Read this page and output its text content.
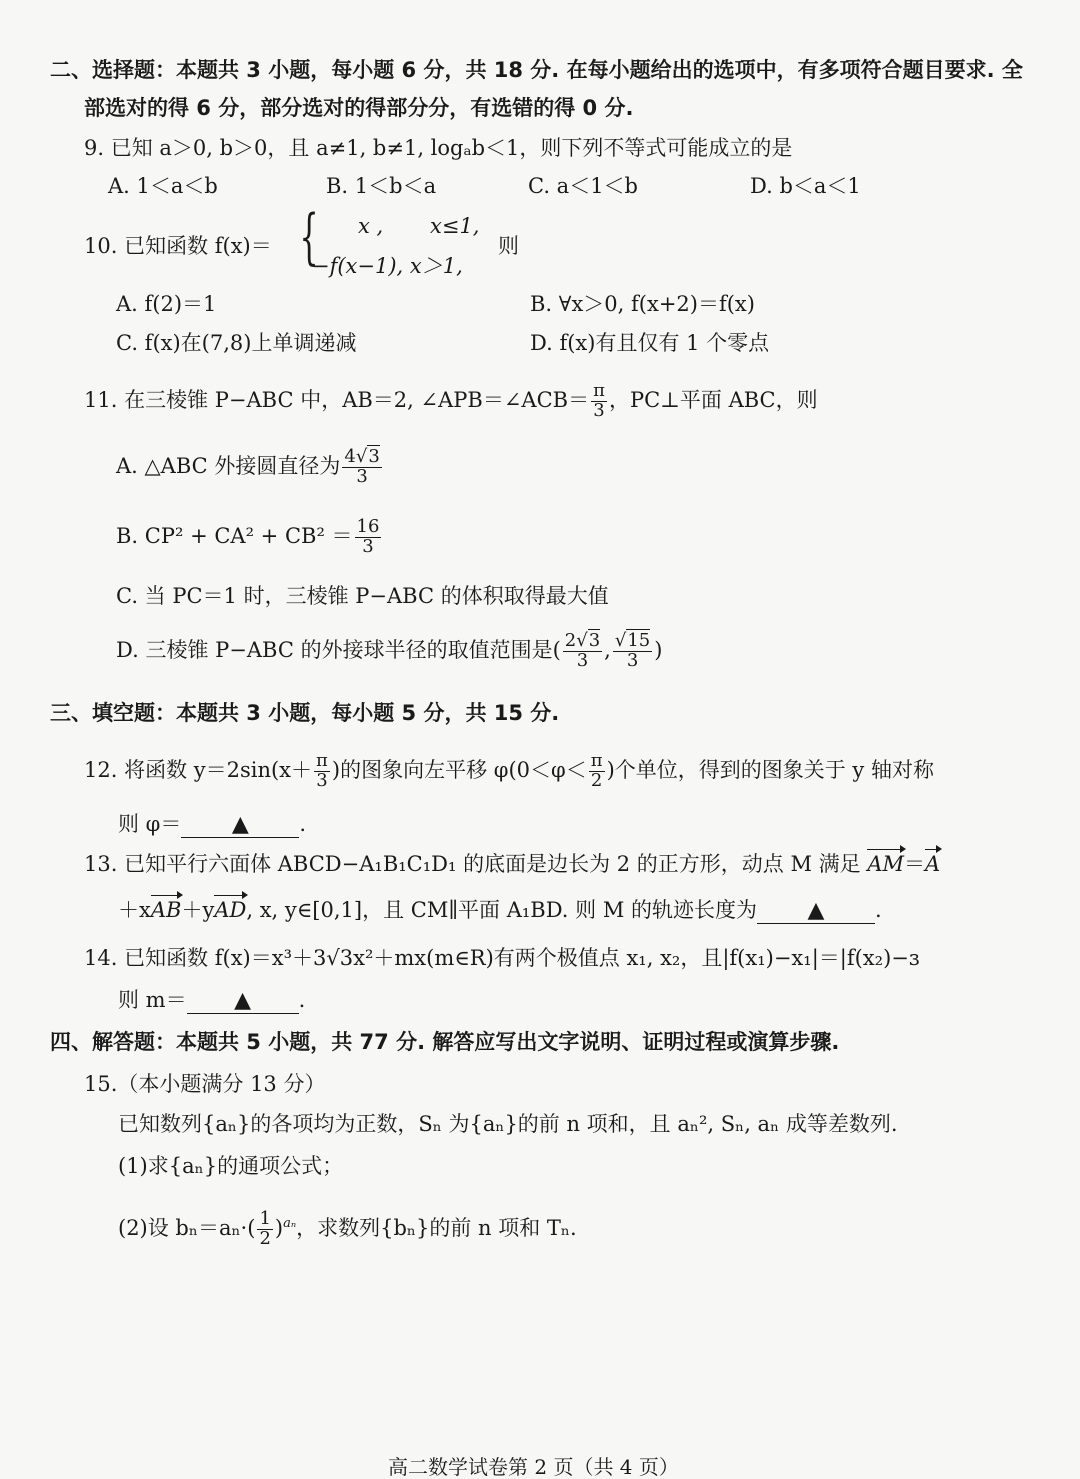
二、选择题：本题共 3 小题，每小题 6 分，共 18 分. 在每小题给出的选项中，有多项符合题目要求. 全
部选对的得 6 分，部分选对的得部分分，有选错的得 0 分.
9. 已知 a＞0, b＞0，且 a≠1, b≠1, logₐb＜1，则下列不等式可能成立的是
A. 1＜a＜b	B. 1＜b＜a	C. a＜1＜b	D. b＜a＜1
10. 已知函数 f(x)＝ { x , x≤1,
−f(x−1), x＞1,
则
A. f(2)＝1	B. ∀x＞0, f(x+2)＝f(x)
C. f(x)在(7,8)上单调递减	D. f(x)有且仅有 1 个零点
11. 在三棱锥 P−ABC 中，AB＝2, ∠APB＝∠ACB＝ $\frac{\pi}{3}$ ，PC⊥平面 ABC，则
A. △ABC 外接圆直径为 $\frac{4√3}{3}$
B. $CP^2 + CA^2 + CB^2 = \frac{16}{3}$
C. 当 PC＝1 时，三棱锥 P−ABC 的体积取得最大值
D. 三棱锥 P−ABC 的外接球半径的取值范围是( $\frac{2√3}{3}$ , $\frac{√15}{3}$ )
三、填空题：本题共 3 小题，每小题 5 分，共 15 分.
12. 将函数 $y=2\sin(x+ \frac{\pi}{3}$ )的图象向左平移 $\varphi(0<\varphi< \frac{\pi}{2}$ )个单位，得到的图象关于 y 轴对称
则 φ＝ ▲ .
13. 已知平行六面体 ABCD−A₁B₁C₁D₁ 的底面是边长为 2 的正方形，动点 M 满足 AM＝A
＋xAB＋yAD, x, y∈[0,1]，且 CM∥平面 A₁BD. 则 M 的轨迹长度为 ▲ .
14. 已知函数 f(x)＝x³＋3√3x²＋mx(m∈R)有两个极值点 x₁, x₂，且|f(x₁)−x₁|＝|f(x₂)−ɜ
则 m＝ ▲ .
四、解答题：本题共 5 小题，共 77 分. 解答应写出文字说明、证明过程或演算步骤.
15.（本小题满分 13 分）
已知数列{aₙ}的各项均为正数，Sₙ 为{aₙ}的前 n 项和，且 aₙ², Sₙ, aₙ 成等差数列.
(1)求{aₙ}的通项公式；
(2)设 $b_n=a_n\cdot( \frac{1}{2} )^{a_n}$，求数列{bₙ}的前 n 项和 Tₙ.
高二数学试卷第 2 页（共 4 页）
